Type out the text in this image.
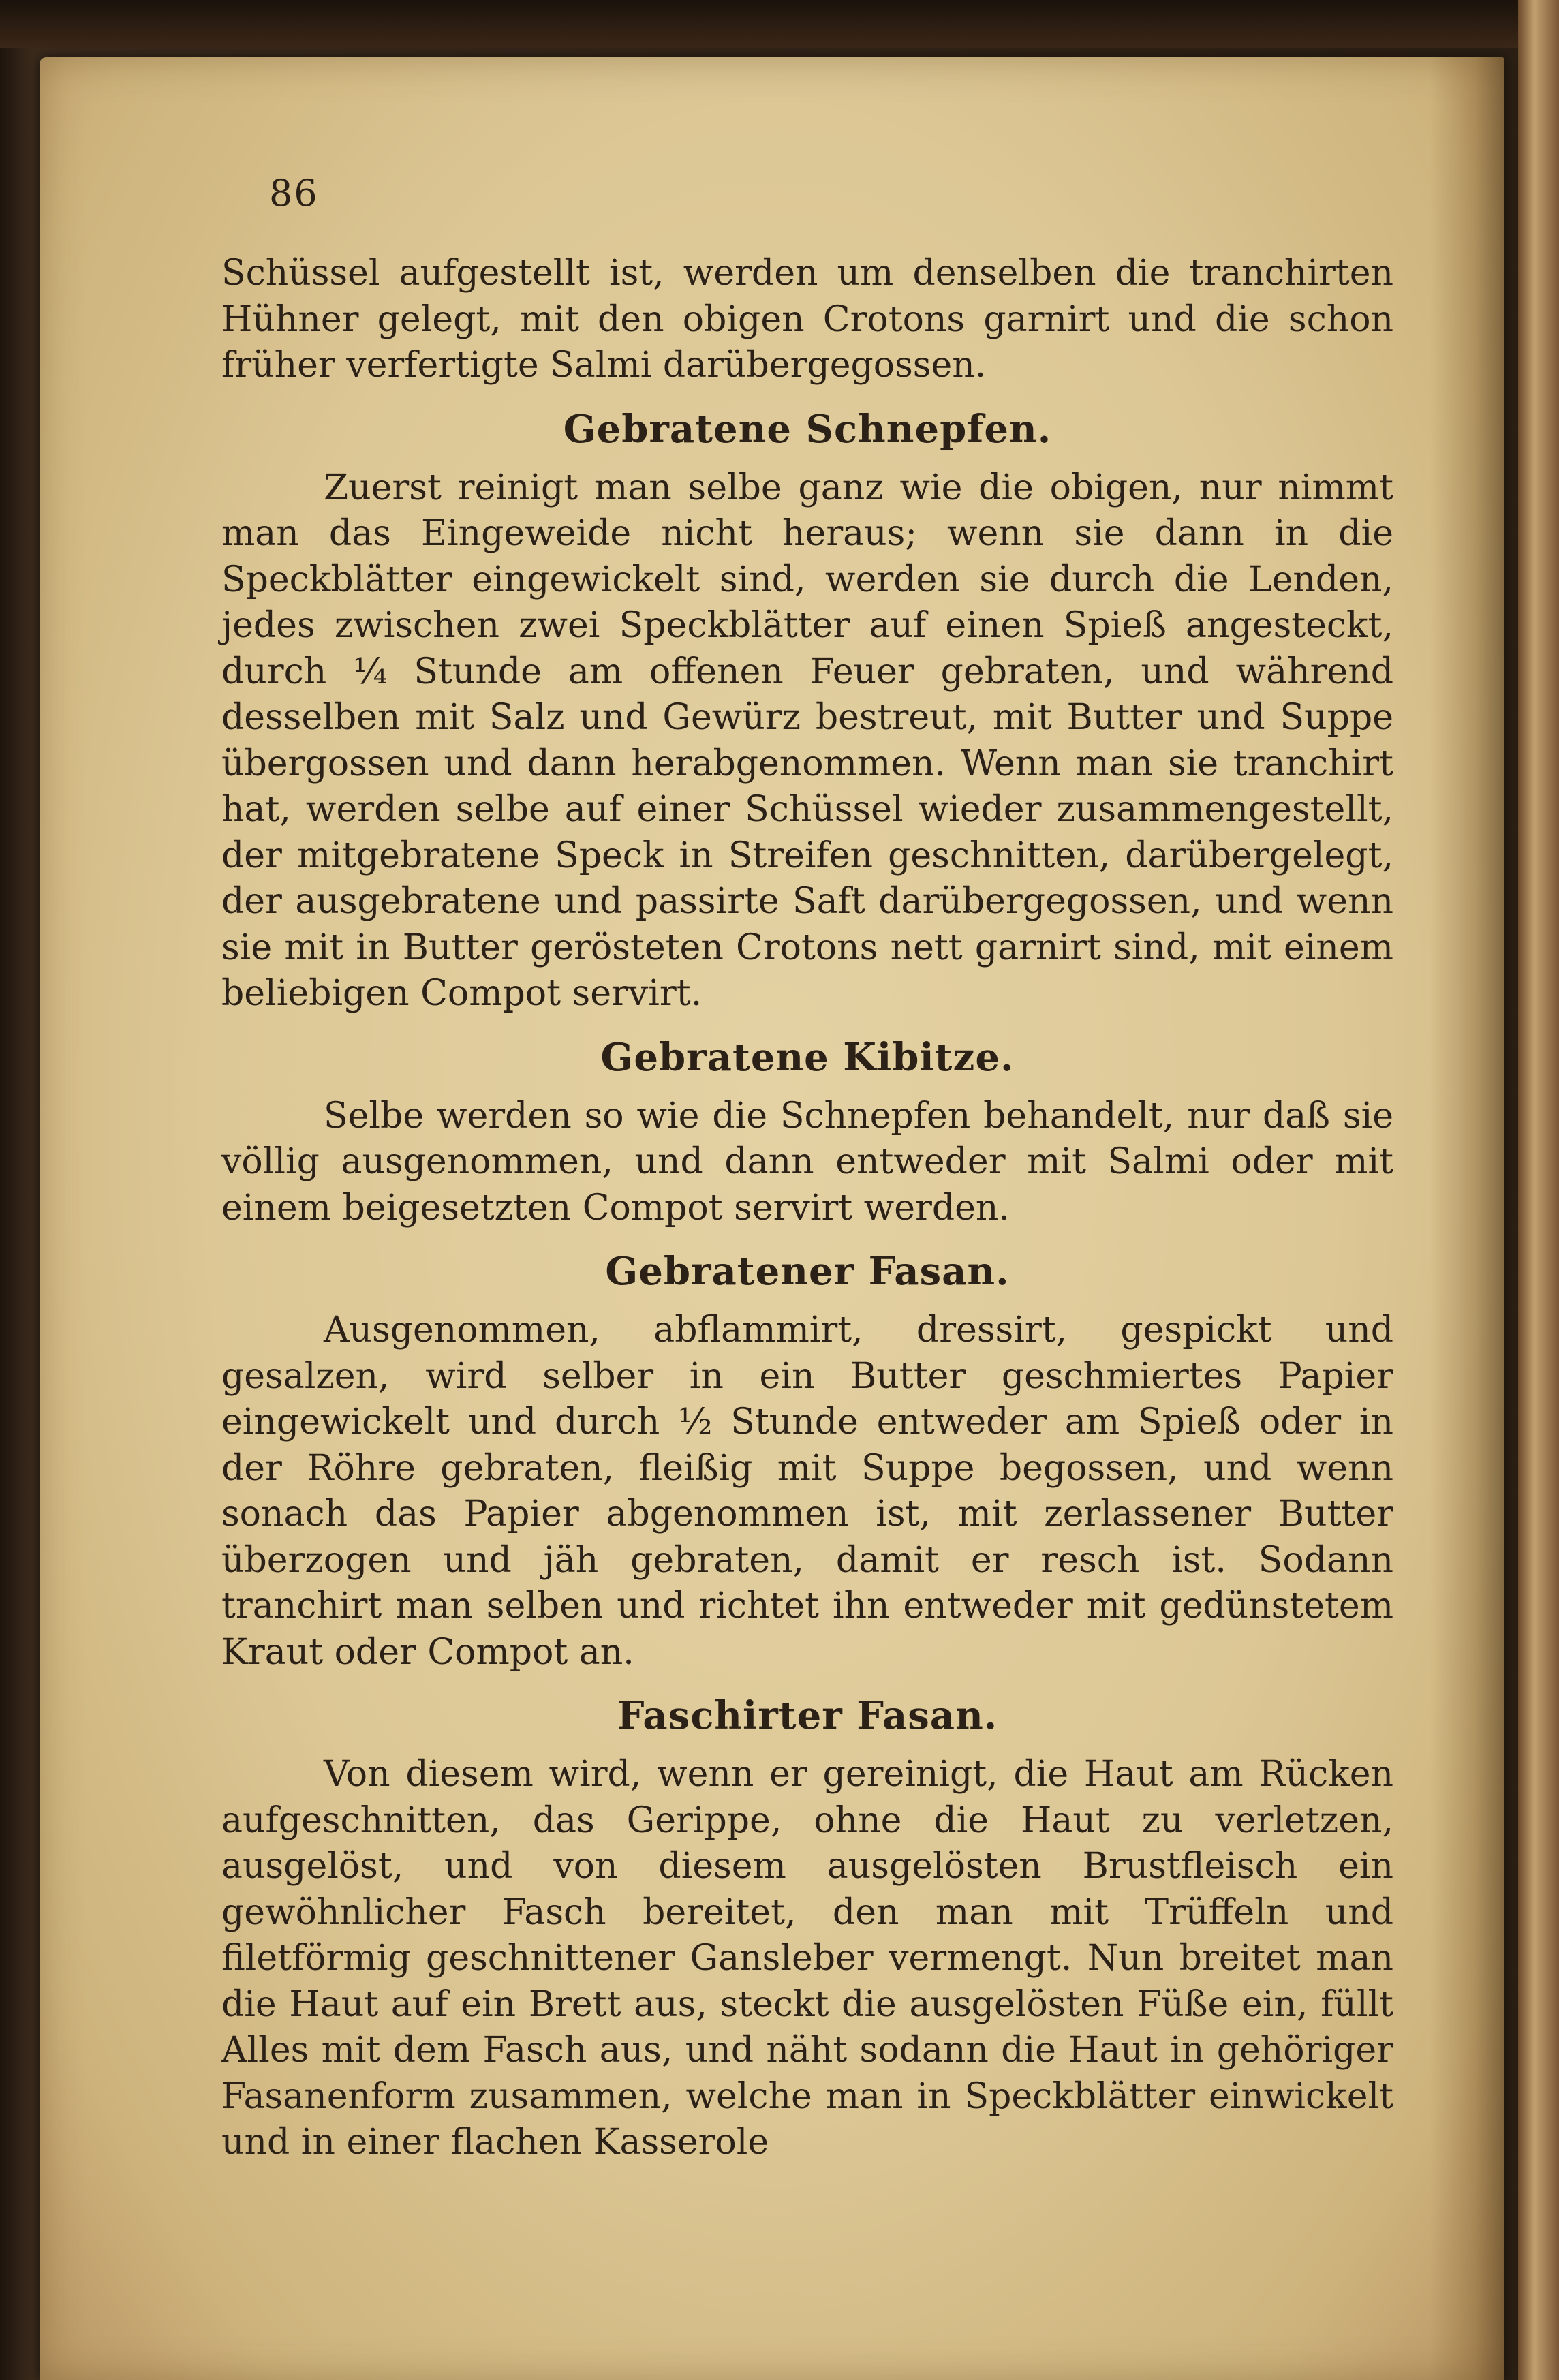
86

Schüssel aufgestellt ist, werden um denselben die tranchirten Hühner gelegt, mit den obigen Crotons garnirt und die schon früher verfertigte Salmi darübergegossen.

Gebratene Schnepfen.

Zuerst reinigt man selbe ganz wie die obigen, nur nimmt man das Eingeweide nicht heraus; wenn sie dann in die Speckblätter eingewickelt sind, werden sie durch die Lenden, jedes zwischen zwei Speckblätter auf einen Spieß angesteckt, durch ¼ Stunde am offenen Feuer gebraten, und während desselben mit Salz und Gewürz bestreut, mit Butter und Suppe übergossen und dann herabgenommen. Wenn man sie tranchirt hat, werden selbe auf einer Schüssel wieder zusammengestellt, der mitgebratene Speck in Streifen geschnitten, darübergelegt, der ausgebratene und passirte Saft darübergegossen, und wenn sie mit in Butter gerösteten Crotons nett garnirt sind, mit einem beliebigen Compot servirt.

Gebratene Kibitze.

Selbe werden so wie die Schnepfen behandelt, nur daß sie völlig ausgenommen, und dann entweder mit Salmi oder mit einem beigesetzten Compot servirt werden.

Gebratener Fasan.

Ausgenommen, abflammirt, dressirt, gespickt und gesalzen, wird selber in ein Butter geschmiertes Papier eingewickelt und durch ½ Stunde entweder am Spieß oder in der Röhre gebraten, fleißig mit Suppe begossen, und wenn sonach das Papier abgenommen ist, mit zerlassener Butter überzogen und jäh gebraten, damit er resch ist. Sodann tranchirt man selben und richtet ihn entweder mit gedünstetem Kraut oder Compot an.

Faschirter Fasan.

Von diesem wird, wenn er gereinigt, die Haut am Rücken aufgeschnitten, das Gerippe, ohne die Haut zu verletzen, ausgelöst, und von diesem ausgelösten Brustfleisch ein gewöhnlicher Fasch bereitet, den man mit Trüffeln und filetförmig geschnittener Gansleber vermengt. Nun breitet man die Haut auf ein Brett aus, steckt die ausgelösten Füße ein, füllt Alles mit dem Fasch aus, und näht sodann die Haut in gehöriger Fasanenform zusammen, welche man in Speckblätter einwickelt und in einer flachen Kasserole
